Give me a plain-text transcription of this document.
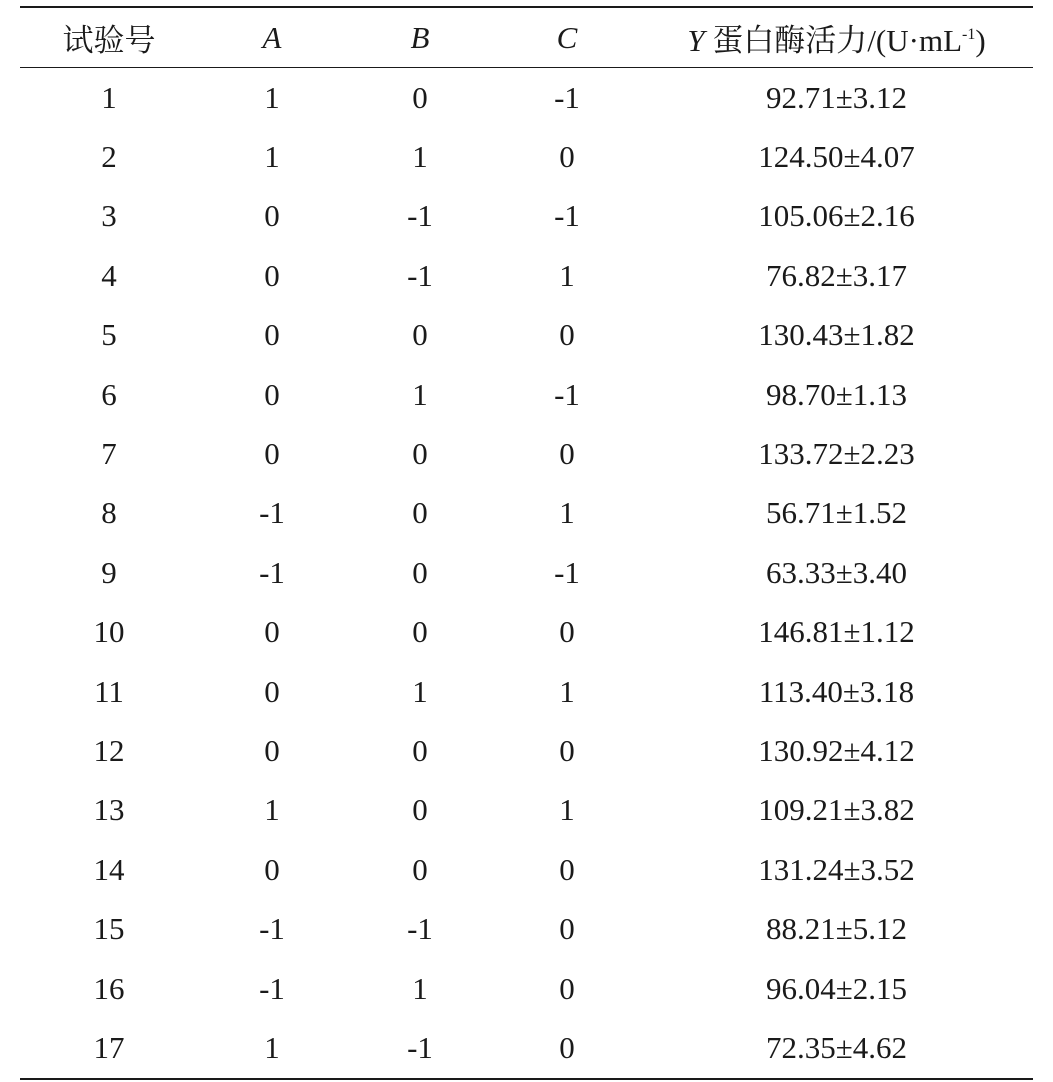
试验号	A	B	C	Y 蛋白酶活力$/(U\cdot mL^{-1})$
1	1	0	-1	92.71±3.12
2	1	1	0	124.50±4.07
3	0	-1	-1	105.06±2.16
4	0	-1	1	76.82±3.17
5	0	0	0	130.43±1.82
6	0	1	-1	98.70±1.13
7	0	0	0	133.72±2.23
8	-1	0	1	56.71±1.52
9	-1	0	-1	63.33±3.40
10	0	0	0	146.81±1.12
11	0	1	1	113.40±3.18
12	0	0	0	130.92±4.12
13	1	0	1	109.21±3.82
14	0	0	0	131.24±3.52
15	-1	-1	0	88.21±5.12
16	-1	1	0	96.04±2.15
17	1	-1	0	72.35±4.62
